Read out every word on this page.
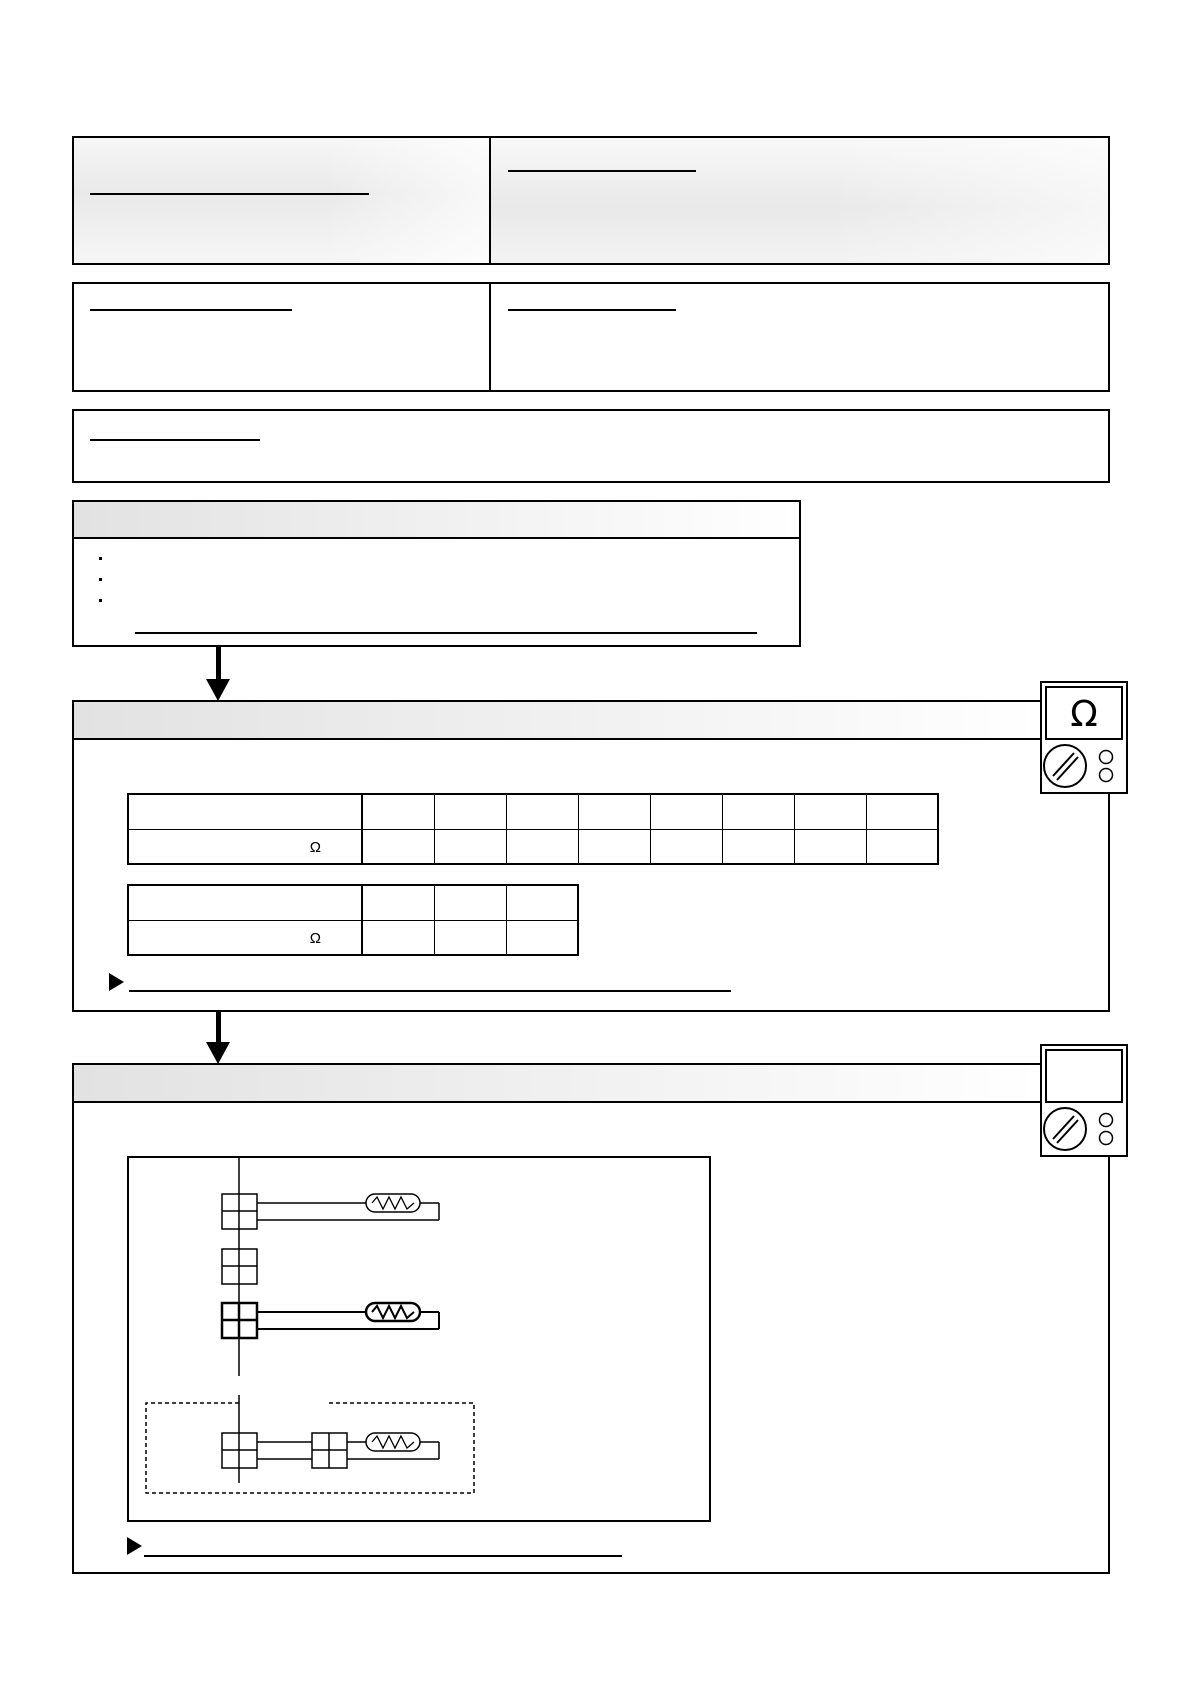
Ω								

Ω			

Ω
